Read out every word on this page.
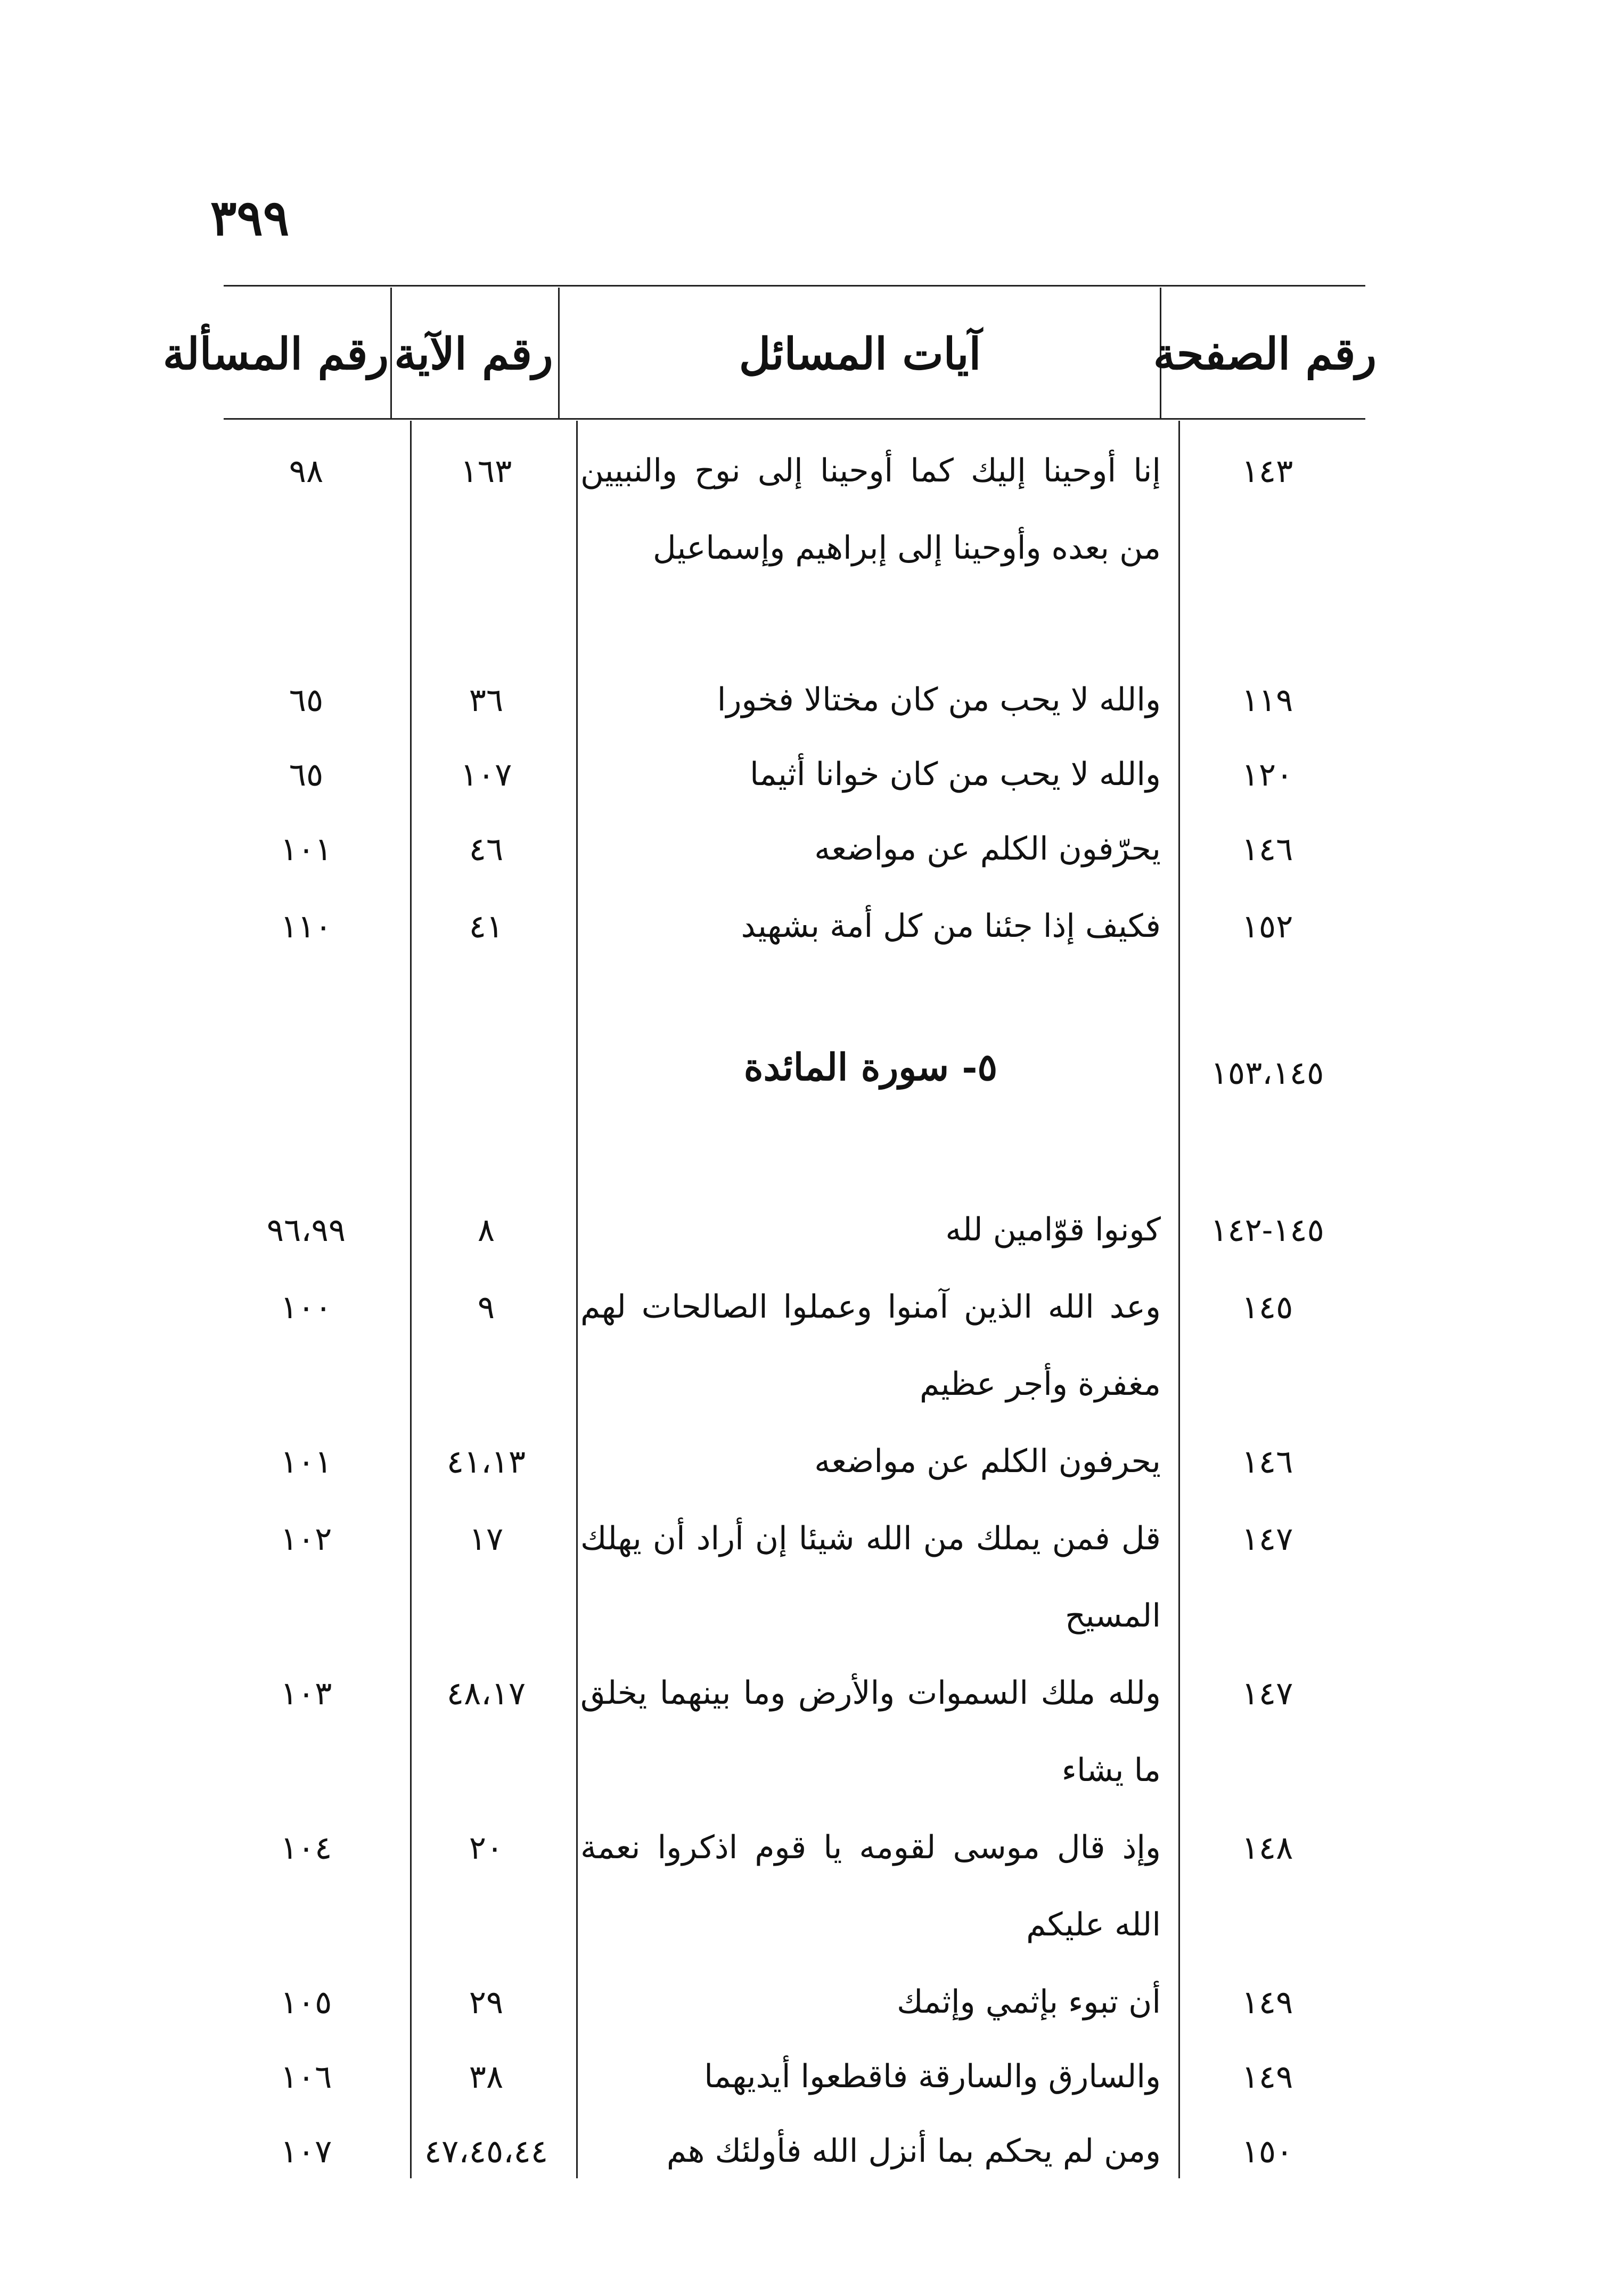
٣٩٩
رقم الصفحة
آيات المسائل
رقم الآية
رقم المسألة
١٤٣
إنا أوحينا إليك كما أوحينا إلى نوح والنبيين من بعده وأوحينا إلى إبراهيم وإسماعيل
١٦٣
٩٨
١١٩
والله لا يحب من كان مختالا فخورا
٣٦
٦٥
١٢٠
والله لا يحب من كان خوانا أثيما
١٠٧
٦٥
١٤٦
يحرّفون الكلم عن مواضعه
٤٦
١٠١
١٥٢
فكيف إذا جئنا من كل أمة بشهيد
٤١
١١٠
١٥٣،١٤٥
٥- سورة المائدة
١٤٥-١٤٢
كونوا قوّامين لله
٨
٩٦،٩٩
١٤٥
وعد الله الذين آمنوا وعملوا الصالحات لهم مغفرة وأجر عظيم
٩
١٠٠
١٤٦
يحرفون الكلم عن مواضعه
٤١،١٣
١٠١
١٤٧
قل فمن يملك من الله شيئا إن أراد أن يهلك المسيح
١٧
١٠٢
١٤٧
ولله ملك السموات والأرض وما بينهما يخلق ما يشاء
٤٨،١٧
١٠٣
١٤٨
وإذ قال موسى لقومه يا قوم اذكروا نعمة الله عليكم
٢٠
١٠٤
١٤٩
أن تبوء بإثمي وإثمك
٢٩
١٠٥
١٤٩
والسارق والسارقة فاقطعوا أيديهما
٣٨
١٠٦
١٥٠
ومن لم يحكم بما أنزل الله فأولئك هم
٤٧،٤٥،٤٤
١٠٧
